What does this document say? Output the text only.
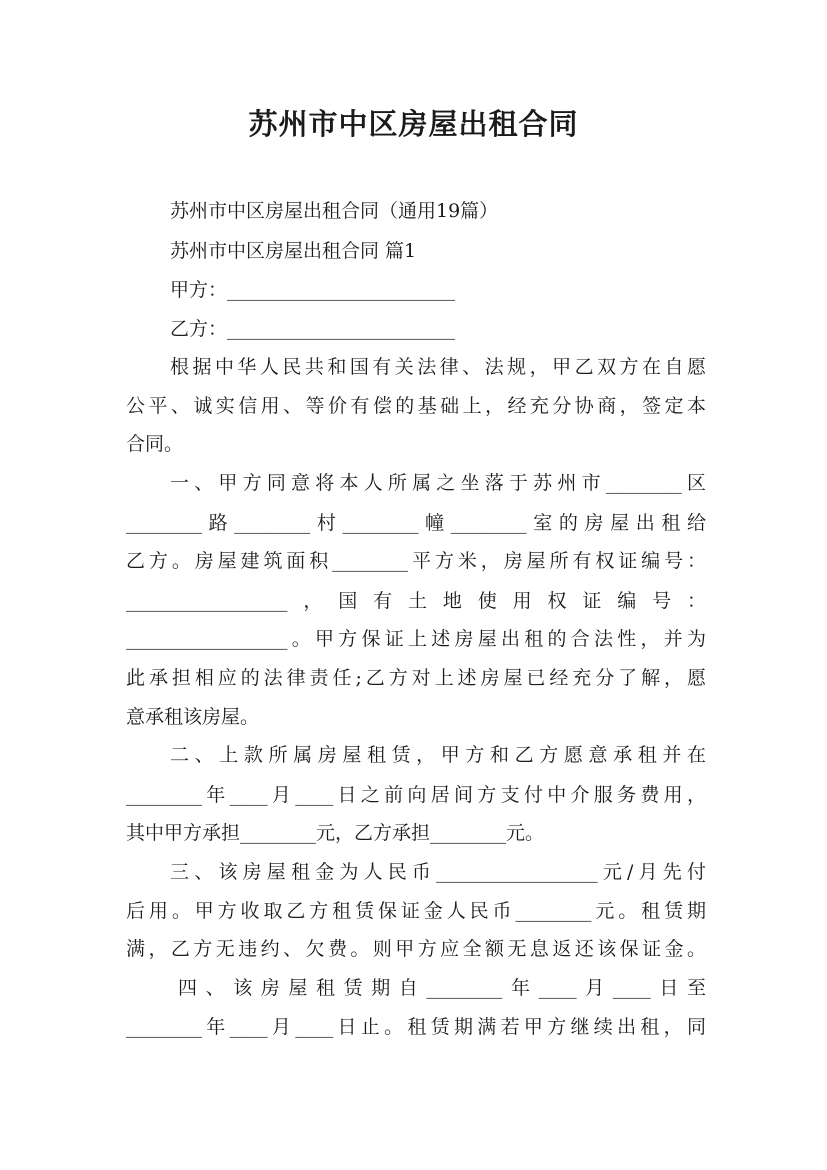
苏州市中区房屋出租合同
苏州市中区房屋出租合同（通用19篇）
苏州市中区房屋出租合同 篇1
甲方：________________________
乙方：________________________
根据中华人民共和国有关法律、法规，甲乙双方在自愿
公平、诚实信用、等价有偿的基础上，经充分协商，签定本
合同。
一、甲方同意将本人所属之坐落于苏州市________区
________路________村________幢________室的房屋出租给
乙方。房屋建筑面积________平方米，房屋所有权证编号：
_________________，国有土地使用权证编号：
_________________。甲方保证上述房屋出租的合法性，并为
此承担相应的法律责任;乙方对上述房屋已经充分了解，愿
意承租该房屋。
二、上款所属房屋租赁，甲方和乙方愿意承租并在
________年____月____日之前向居间方支付中介服务费用，
其中甲方承担________元，乙方承担________元。
三、该房屋租金为人民币_________________元/月先付
后用。甲方收取乙方租赁保证金人民币________元。租赁期
满，乙方无违约、欠费。则甲方应全额无息返还该保证金。
四、该房屋租赁期自________年____月____日至
________年____月____日止。租赁期满若甲方继续出租，同
